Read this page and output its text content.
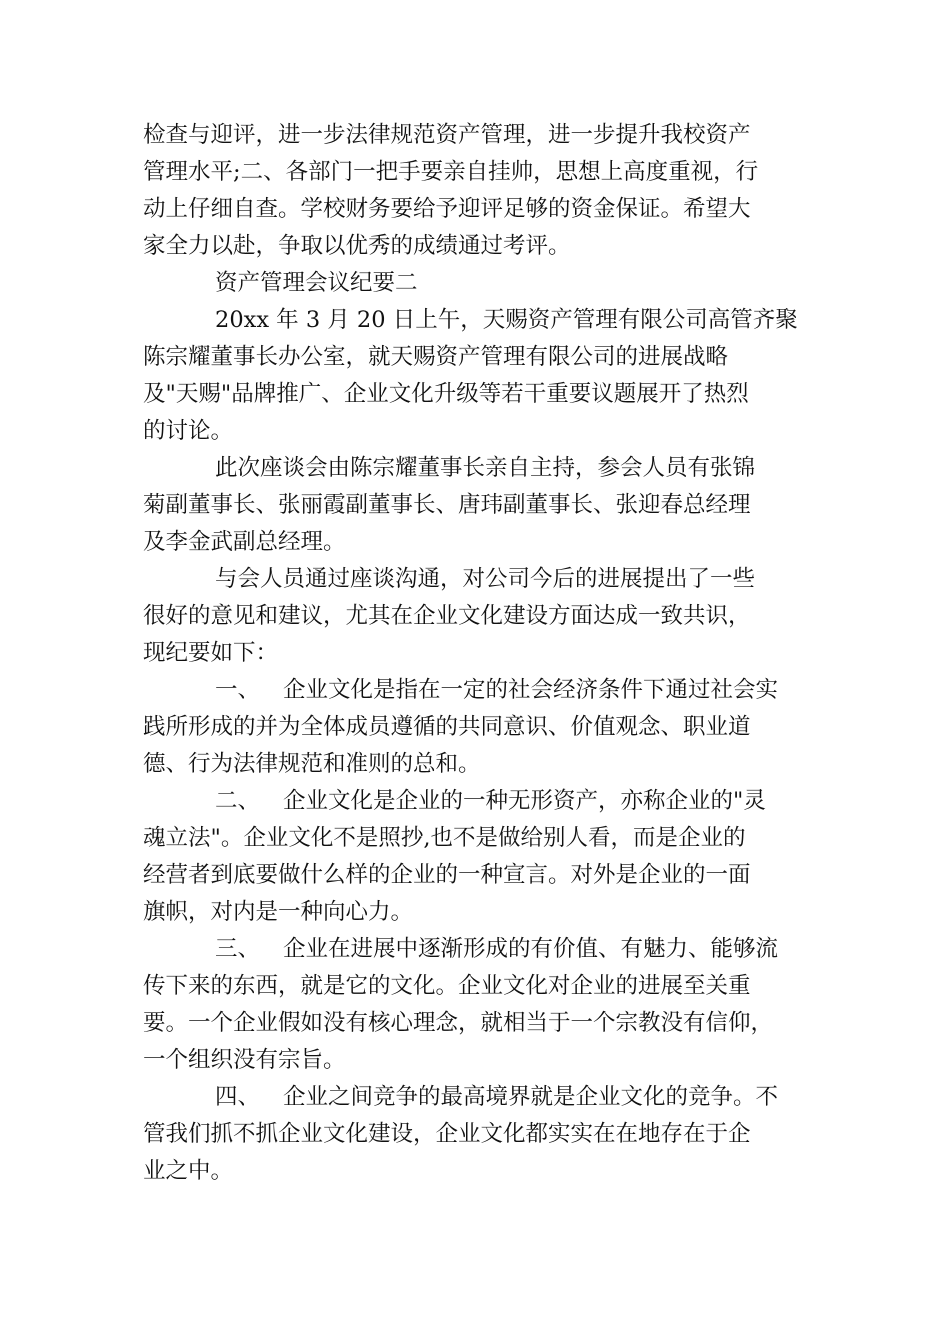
检查与迎评，进一步法律规范资产管理，进一步提升我校资产
管理水平;二、各部门一把手要亲自挂帅，思想上高度重视，行
动上仔细自查。学校财务要给予迎评足够的资金保证。希望大
家全力以赴，争取以优秀的成绩通过考评。
资产管理会议纪要二
20xx 年 3 月 20 日上午，天赐资产管理有限公司高管齐聚
陈宗耀董事长办公室，就天赐资产管理有限公司的进展战略
及"天赐"品牌推广、企业文化升级等若干重要议题展开了热烈
的讨论。
此次座谈会由陈宗耀董事长亲自主持，参会人员有张锦
菊副董事长、张丽霞副董事长、唐玮副董事长、张迎春总经理
及李金武副总经理。
与会人员通过座谈沟通，对公司今后的进展提出了一些
很好的意见和建议，尤其在企业文化建设方面达成一致共识，
现纪要如下：
一、 企业文化是指在一定的社会经济条件下通过社会实
践所形成的并为全体成员遵循的共同意识、价值观念、职业道
德、行为法律规范和准则的总和。
二、 企业文化是企业的一种无形资产，亦称企业的"灵
魂立法"。企业文化不是照抄,也不是做给别人看，而是企业的
经营者到底要做什么样的企业的一种宣言。对外是企业的一面
旗帜，对内是一种向心力。
三、 企业在进展中逐渐形成的有价值、有魅力、能够流
传下来的东西，就是它的文化。企业文化对企业的进展至关重
要。一个企业假如没有核心理念，就相当于一个宗教没有信仰，
一个组织没有宗旨。
四、 企业之间竞争的最高境界就是企业文化的竞争。不
管我们抓不抓企业文化建设，企业文化都实实在在地存在于企
业之中。
